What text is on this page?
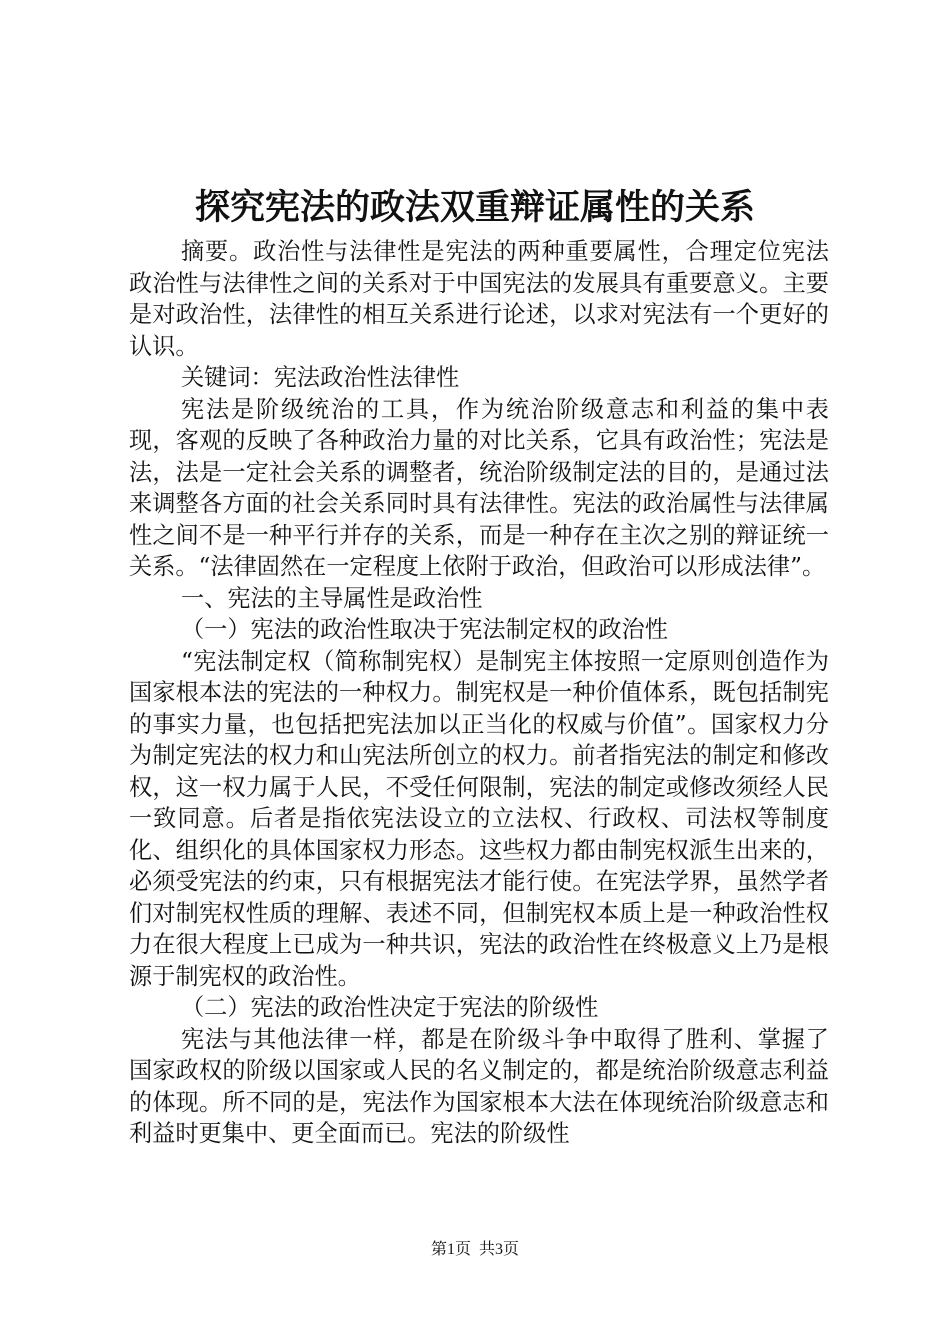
探究宪法的政法双重辩证属性的关系

摘要。政治性与法律性是宪法的两种重要属性，合理定位宪法政治性与法律性之间的关系对于中国宪法的发展具有重要意义。主要是对政治性，法律性的相互关系进行论述，以求对宪法有一个更好的认识。

关键词：宪法政治性法律性

宪法是阶级统治的工具，作为统治阶级意志和利益的集中表现，客观的反映了各种政治力量的对比关系，它具有政治性；宪法是法，法是一定社会关系的调整者，统治阶级制定法的目的，是通过法来调整各方面的社会关系同时具有法律性。宪法的政治属性与法律属性之间不是一种平行并存的关系，而是一种存在主次之别的辩证统一关系。“法律固然在一定程度上依附于政治，但政治可以形成法律”。

一、宪法的主导属性是政治性

（一）宪法的政治性取决于宪法制定权的政治性

“宪法制定权（简称制宪权）是制宪主体按照一定原则创造作为国家根本法的宪法的一种权力。制宪权是一种价值体系，既包括制宪的事实力量，也包括把宪法加以正当化的权威与价值”。国家权力分为制定宪法的权力和山宪法所创立的权力。前者指宪法的制定和修改权，这一权力属于人民，不受任何限制，宪法的制定或修改须经人民一致同意。后者是指依宪法设立的立法权、行政权、司法权等制度化、组织化的具体国家权力形态。这些权力都由制宪权派生出来的，必须受宪法的约束，只有根据宪法才能行使。在宪法学界，虽然学者们对制宪权性质的理解、表述不同，但制宪权本质上是一种政治性权力在很大程度上已成为一种共识，宪法的政治性在终极意义上乃是根源于制宪权的政治性。

（二）宪法的政治性决定于宪法的阶级性

宪法与其他法律一样，都是在阶级斗争中取得了胜利、掌握了国家政权的阶级以国家或人民的名义制定的，都是统治阶级意志利益的体现。所不同的是，宪法作为国家根本大法在体现统治阶级意志和利益时更集中、更全面而已。宪法的阶级性

第1页 共3页
